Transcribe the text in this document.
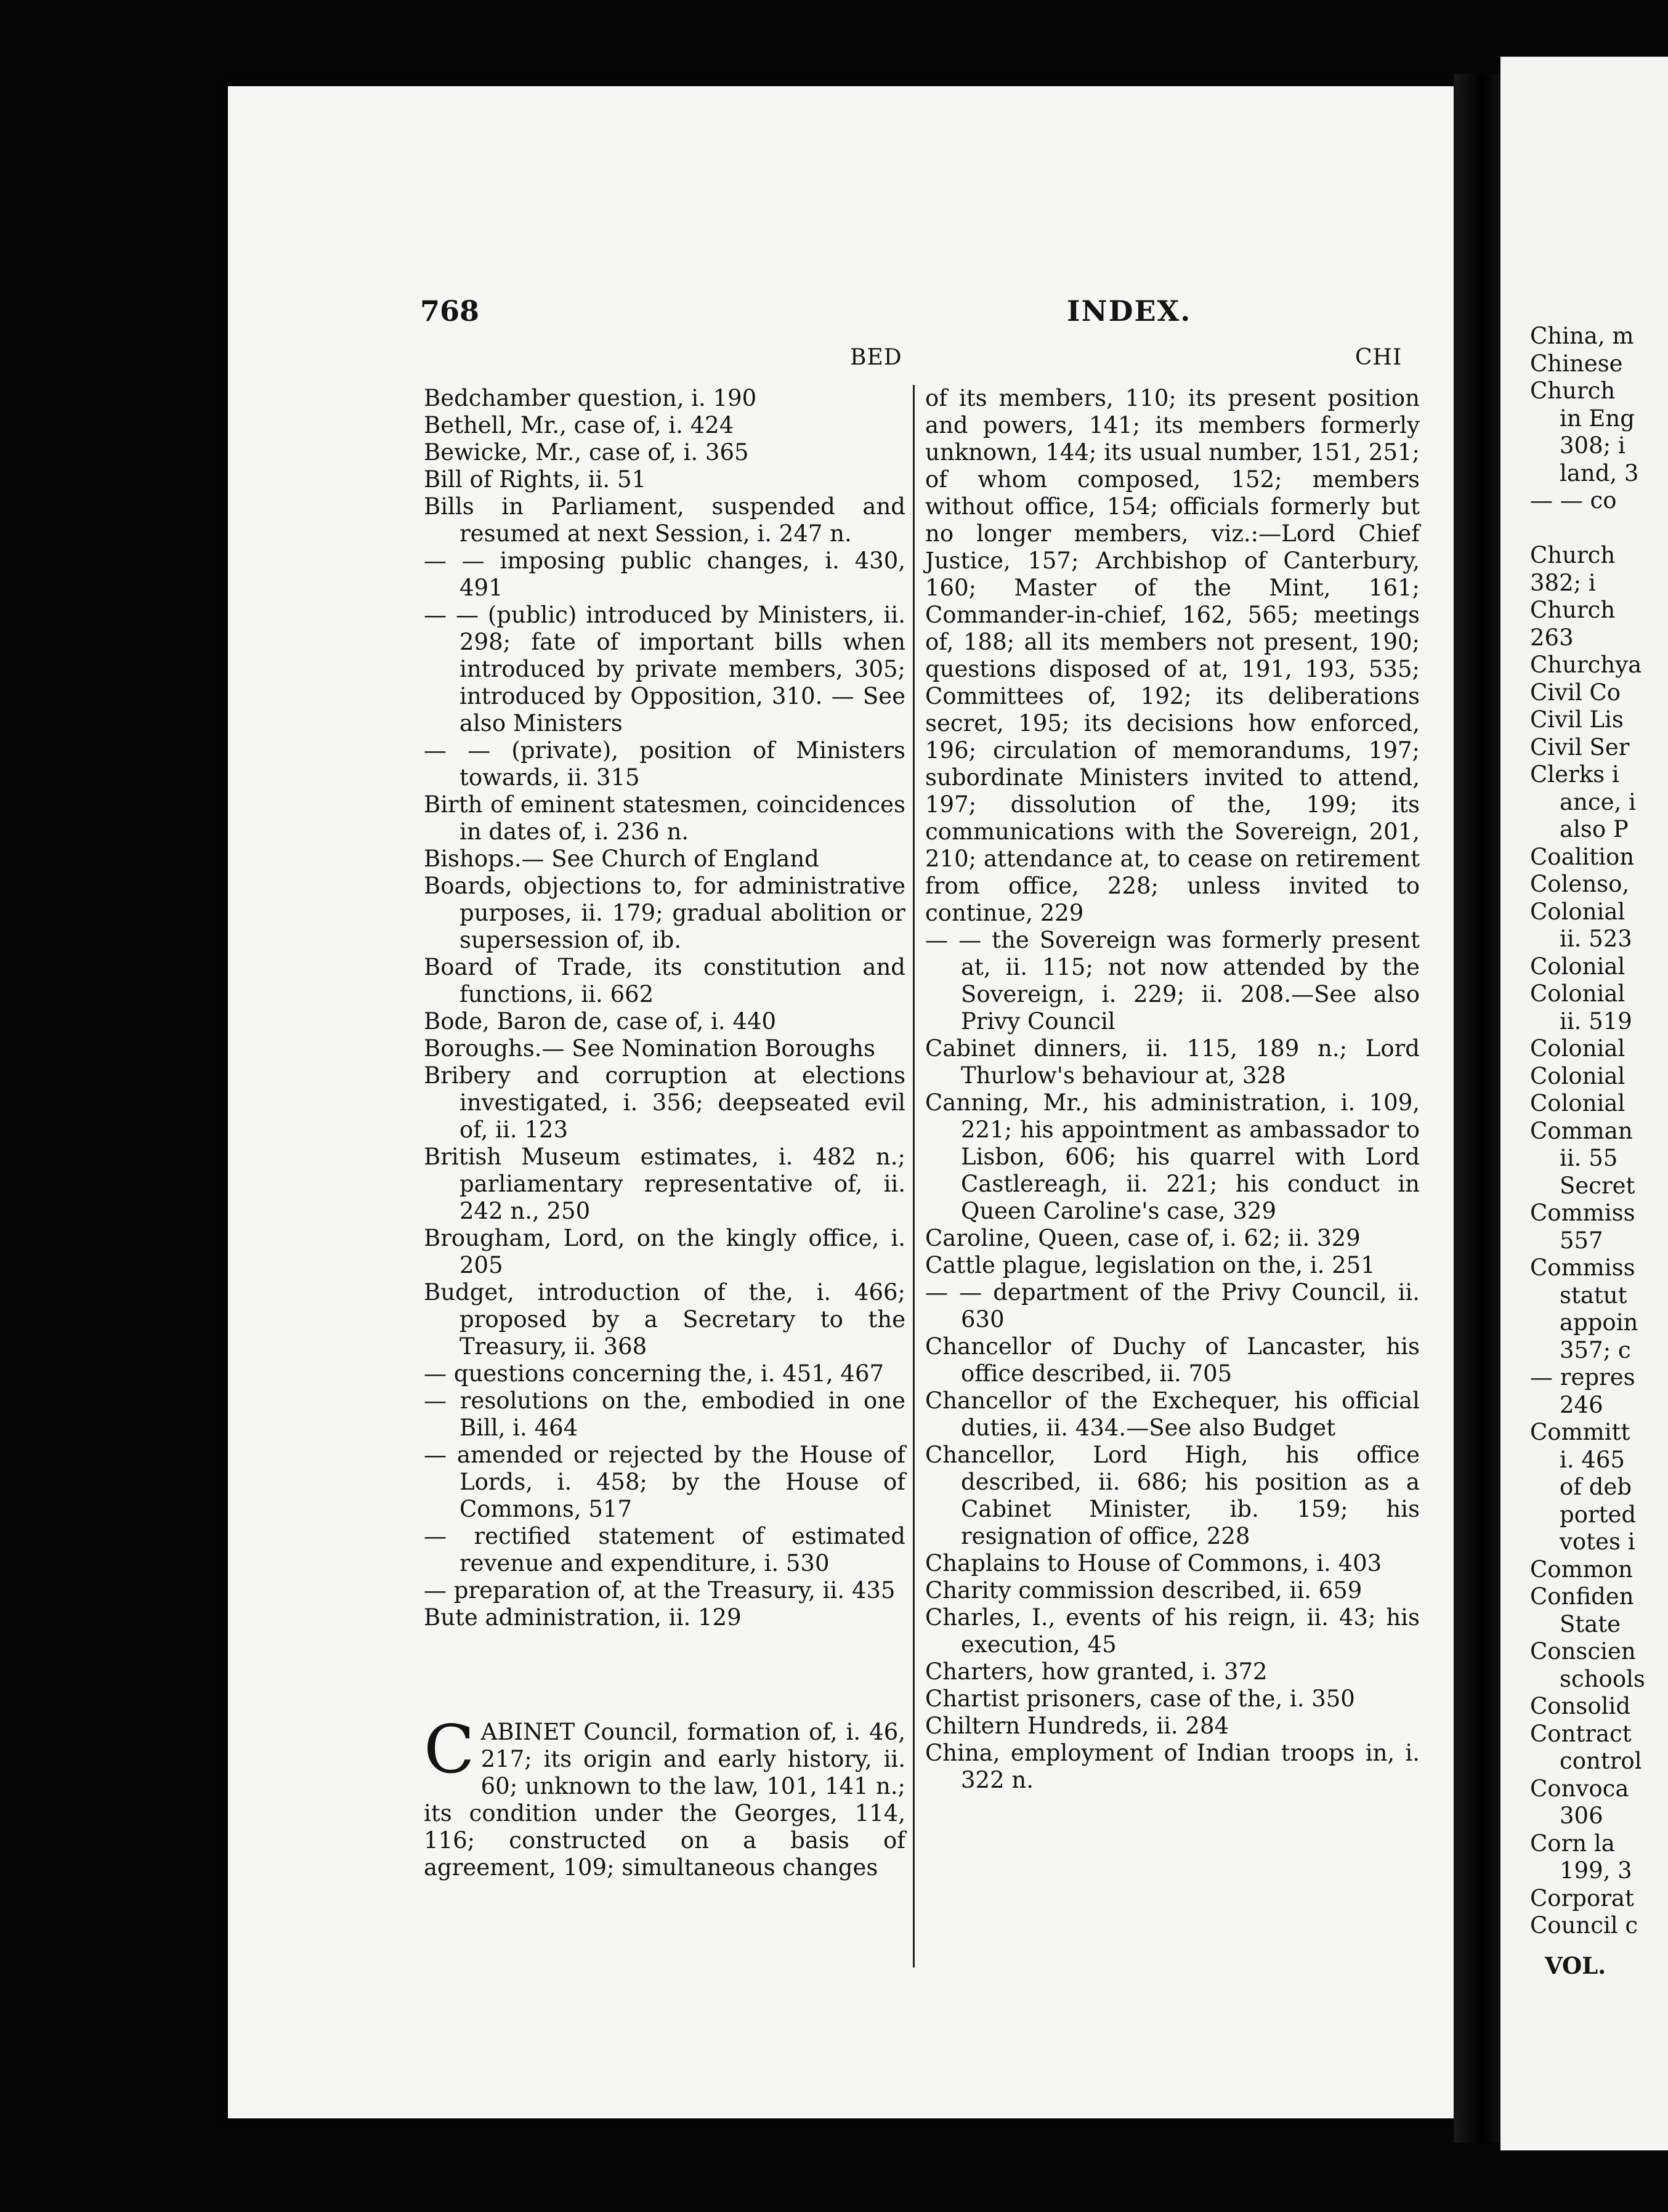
768	INDEX.
BED	CHI
Bedchamber question, i. 190
Bethell, Mr., case of, i. 424
Bewicke, Mr., case of, i. 365
Bill of Rights, ii. 51
Bills in Parliament, suspended and resumed at next Session, i. 247 n.
— — imposing public changes, i. 430, 491
— — (public) introduced by Ministers, ii. 298; fate of important bills when introduced by private members, 305; introduced by Opposition, 310. — See also Ministers
— — (private), position of Ministers towards, ii. 315
Birth of eminent statesmen, coincidences in dates of, i. 236 n.
Bishops.— See Church of England
Boards, objections to, for administrative purposes, ii. 179; gradual abolition or supersession of, ib.
Board of Trade, its constitution and functions, ii. 662
Bode, Baron de, case of, i. 440
Boroughs.— See Nomination Boroughs
Bribery and corruption at elections investigated, i. 356; deepseated evil of, ii. 123
British Museum estimates, i. 482 n.; parliamentary representative of, ii. 242 n., 250
Brougham, Lord, on the kingly office, i. 205
Budget, introduction of the, i. 466; proposed by a Secretary to the Treasury, ii. 368
— questions concerning the, i. 451, 467
— resolutions on the, embodied in one Bill, i. 464
— amended or rejected by the House of Lords, i. 458; by the House of Commons, 517
— rectified statement of estimated revenue and expenditure, i. 530
— preparation of, at the Treasury, ii. 435
Bute administration, ii. 129
CABINET Council, formation of, i. 46, 217; its origin and early history, ii. 60; unknown to the law, 101, 141 n.; its condition under the Georges, 114, 116; constructed on a basis of agreement, 109; simultaneous changes
of its members, 110; its present position and powers, 141; its members formerly unknown, 144; its usual number, 151, 251; of whom composed, 152; members without office, 154; officials formerly but no longer members, viz.:—Lord Chief Justice, 157; Archbishop of Canterbury, 160; Master of the Mint, 161; Commander-in-chief, 162, 565; meetings of, 188; all its members not present, 190; questions disposed of at, 191, 193, 535; Committees of, 192; its deliberations secret, 195; its decisions how enforced, 196; circulation of memorandums, 197; subordinate Ministers invited to attend, 197; dissolution of the, 199; its communications with the Sovereign, 201, 210; attendance at, to cease on retirement from office, 228; unless invited to continue, 229
— — the Sovereign was formerly present at, ii. 115; not now attended by the Sovereign, i. 229; ii. 208.—See also Privy Council
Cabinet dinners, ii. 115, 189 n.; Lord Thurlow's behaviour at, 328
Canning, Mr., his administration, i. 109, 221; his appointment as ambassador to Lisbon, 606; his quarrel with Lord Castlereagh, ii. 221; his conduct in Queen Caroline's case, 329
Caroline, Queen, case of, i. 62; ii. 329
Cattle plague, legislation on the, i. 251
— — department of the Privy Council, ii. 630
Chancellor of Duchy of Lancaster, his office described, ii. 705
Chancellor of the Exchequer, his official duties, ii. 434.—See also Budget
Chancellor, Lord High, his office described, ii. 686; his position as a Cabinet Minister, ib. 159; his resignation of office, 228
Chaplains to House of Commons, i. 403
Charity commission described, ii. 659
Charles, I., events of his reign, ii. 43; his execution, 45
Charters, how granted, i. 372
Chartist prisoners, case of the, i. 350
Chiltern Hundreds, ii. 284
China, employment of Indian troops in, i. 322 n.
China, m
Chinese
Church
in Eng
308; i
land, 3
— — co
Church
382; i
Church
263
Churchya
Civil Co
Civil Lis
Civil Ser
Clerks i
ance, i
also P
Coalition
Colenso,
Colonial
ii. 523
Colonial
Colonial
ii. 519
Colonial
Colonial
Colonial
Comman
ii. 55
Secret
Commiss
557
Commiss
statut
appoin
357; c
— repres
246
Committ
i. 465
of deb
ported
votes i
Common
Confiden
State
Conscien
schools
Consolid
Contract
control
Convoca
306
Corn la
199, 3
Corporat
Council c
VOL.
